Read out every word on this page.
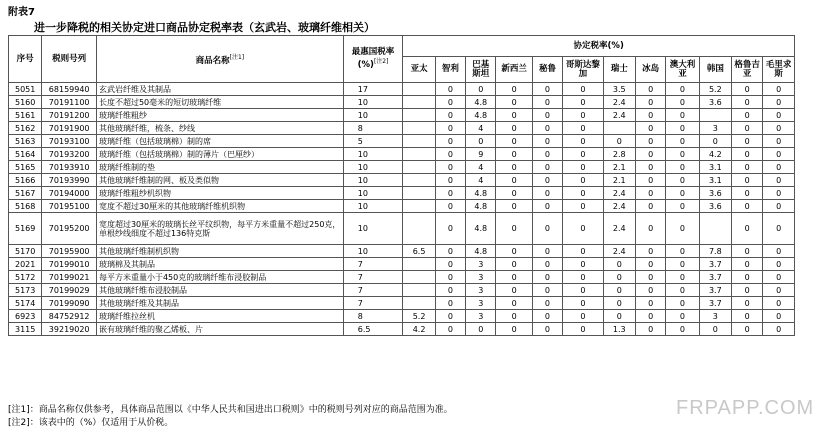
附表7
进一步降税的相关协定进口商品协定税率表（玄武岩、玻璃纤维相关）
序号	税则号列	商品名称[注1]	最惠国税率(%)[注2]	协定税率(%)											
				亚太	智利	巴基斯坦	新西兰	秘鲁	哥斯达黎加	瑞士	冰岛	澳大利亚	韩国	格鲁吉亚	毛里求斯
5051	68159940	玄武岩纤维及其制品	17		0	0	0	0	0	3.5	0	0	5.2	0	0
5160	70191100	长度不超过50毫米的短切玻璃纤维	10		0	4.8	0	0	0	2.4	0	0	3.6	0	0
5161	70191200	玻璃纤维粗纱	10		0	4.8	0	0	0	2.4	0	0		0	0
5162	70191900	其他玻璃纤维，梳条、纱线	8		0	4	0	0	0		0	0	3	0	0
5163	70193100	玻璃纤维（包括玻璃棉）制的席	5		0	0	0	0	0	0	0	0	0	0	0
5164	70193200	玻璃纤维（包括玻璃棉）制的薄片（巴厘纱）	10		0	9	0	0	0	2.8	0	0	4.2	0	0
5165	70193910	玻璃纤维制的垫	10		0	4	0	0	0	2.1	0	0	3.1	0	0
5166	70193990	其他玻璃纤维制的网、板及类似物	10		0	4	0	0	0	2.1	0	0	3.1	0	0
5167	70194000	玻璃纤维粗纱机织物	10		0	4.8	0	0	0	2.4	0	0	3.6	0	0
5168	70195100	宽度不超过30厘米的其他玻璃纤维机织物	10		0	4.8	0	0	0	2.4	0	0	3.6	0	0
5169	70195200	宽度超过30厘米的玻璃长丝平纹织物，每平方米重量不超过250克，单根纱线细度不超过136特克斯	10		0	4.8	0	0	0	2.4	0	0		0	0
5170	70195900	其他玻璃纤维制机织物	10	6.5	0	4.8	0	0	0	2.4	0	0	7.8	0	0
2021	70199010	玻璃棉及其制品	7		0	3	0	0	0	0	0	0	3.7	0	0
5172	70199021	每平方米重量小于450克的玻璃纤维布浸胶制品	7		0	3	0	0	0	0	0	0	3.7	0	0
5173	70199029	其他玻璃纤维布浸胶制品	7		0	3	0	0	0	0	0	0	3.7	0	0
5174	70199090	其他玻璃纤维及其制品	7		0	3	0	0	0	0	0	0	3.7	0	0
6923	84752912	玻璃纤维拉丝机	8	5.2	0	3	0	0	0	0	0	0	3	0	0
3115	39219020	嵌有玻璃纤维的聚乙烯板、片	6.5	4.2	0	0	0	0	0	1.3	0	0	0	0	0
[注1]：商品名称仅供参考，具体商品范围以《中华人民共和国进出口税则》中的税则号列对应的商品范围为准。
[注2]：该表中的（%）仅适用于从价税。
FRPAPP.COM
